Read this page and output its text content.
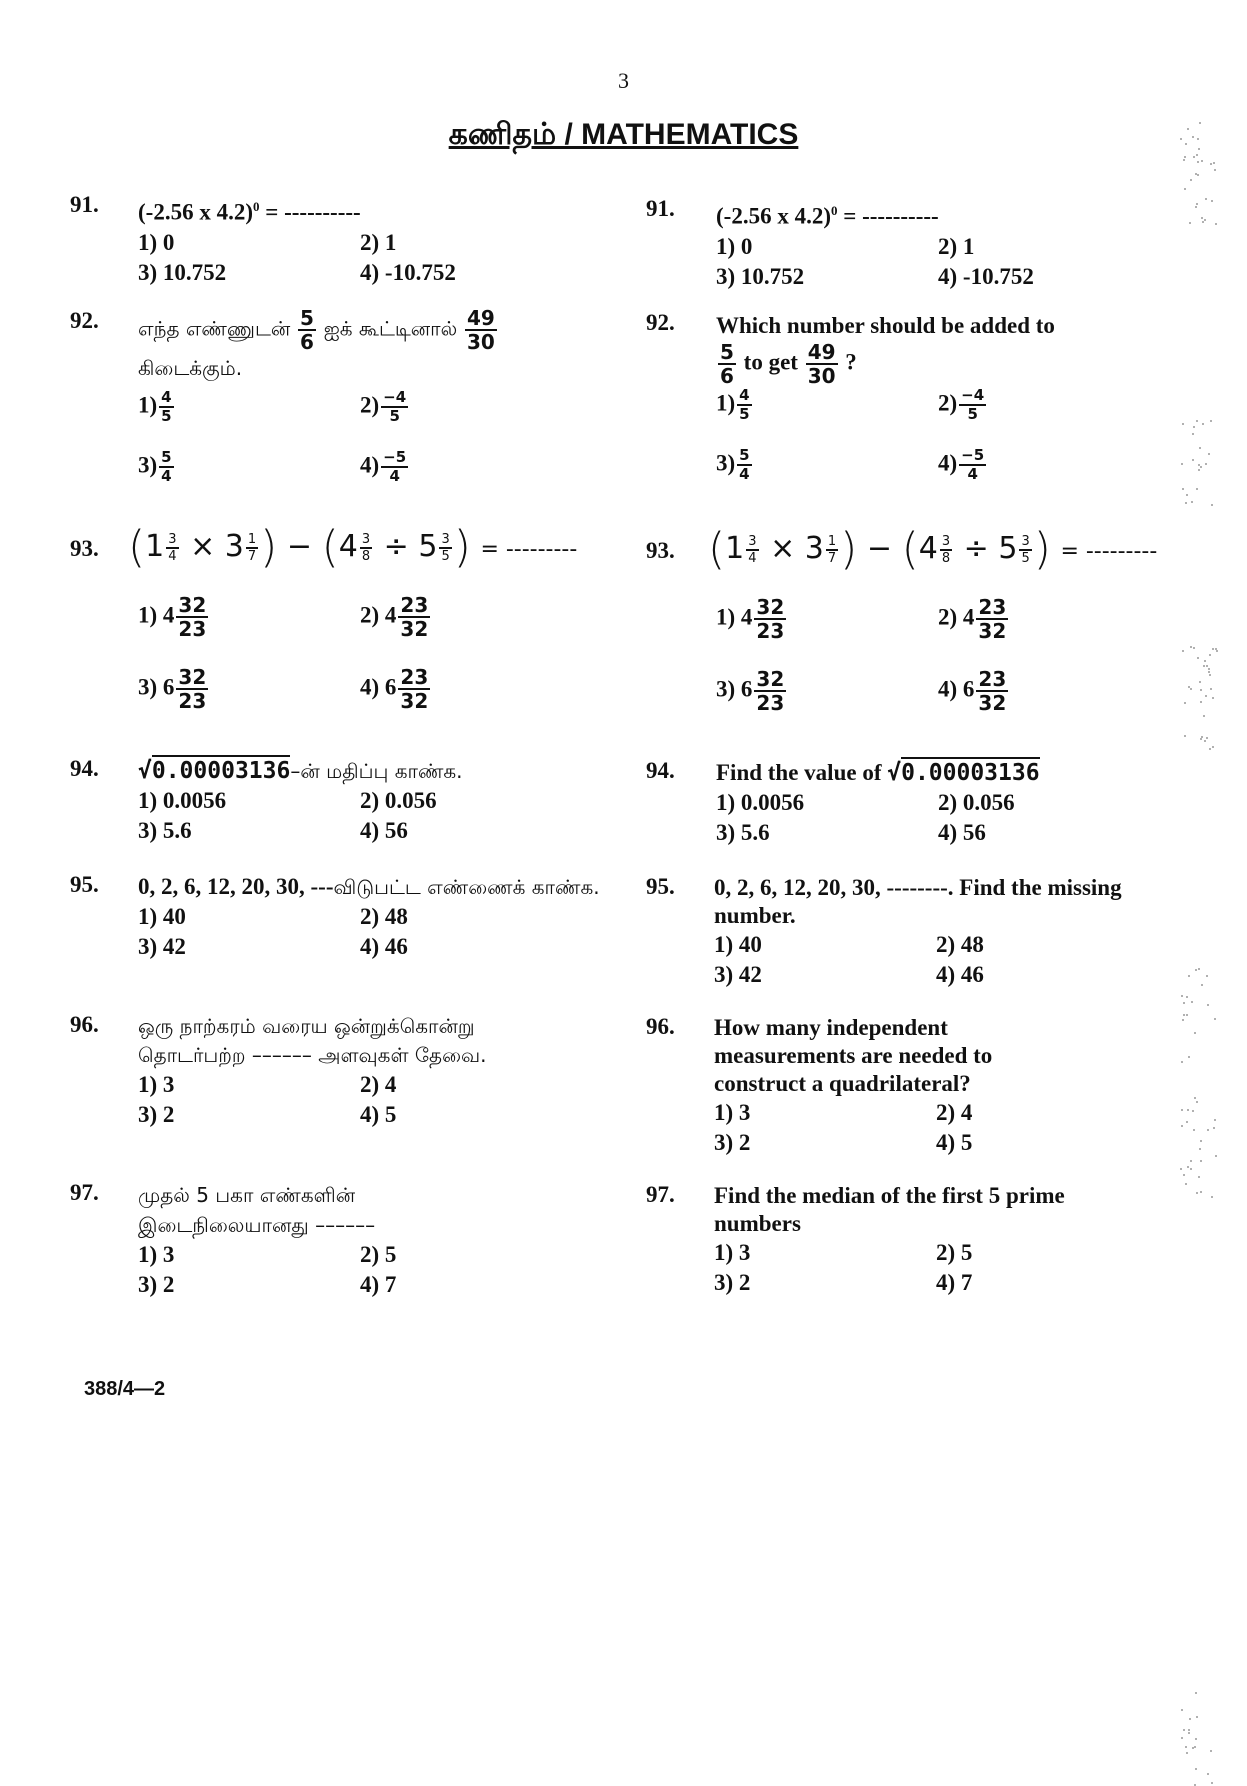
3
கணிதம் / MATHEMATICS
91.	(-2.56 x 4.2)$^0$ = ----------
1) 0	2) 1
3) 10.752	4) -10.752
92.	எந்த எண்ணுடன் $\frac{5}{6}$ ஐக் கூட்டினால் $\frac{49}{30}$

கிடைக்கும்.
$1) \frac{4}{5}$	$2) \frac{-4}{5}$
$3) \frac{5}{4}$	$4) \frac{-5}{4}$
93. ($1 \frac{3}{4} \times 3 \frac{1}{7}$ ) − ($4 \frac{3}{8} \div 5 \frac{3}{5}$ ) = ---------
1) $4 \frac{32}{23}$	2) $4 \frac{23}{32}$
3) $6 \frac{32}{23}$	4) $6 \frac{23}{32}$
94.	√0.00003136–ன் மதிப்பு காண்க.
1) 0.0056	2) 0.056
3) 5.6	4) 56
95.	0, 2, 6, 12, 20, 30, ---விடுபட்ட எண்ணைக் காண்க.
1) 40	2) 48
3) 42	4) 46
96.	ஒரு நாற்கரம் வரைய ஒன்றுக்கொன்று தொடர்பற்ற –––––– அளவுகள் தேவை.
1) 3	2) 4
3) 2	4) 5
97.	முதல் 5 பகா எண்களின் இடைநிலையானது ––––––
1) 3	2) 5
3) 2	4) 7
91.	(-2.56 x 4.2)$^0$ = ----------
1) 0	2) 1
3) 10.752	4) -10.752
92.	Which number should be added to

$\frac{5}{6}$ to get $\frac{49}{30}$ ?
$1) \frac{4}{5}$	$2) \frac{-4}{5}$
$3) \frac{5}{4}$	$4) \frac{-5}{4}$
93. ($1 \frac{3}{4} \times 3 \frac{1}{7}$ ) − ($4 \frac{3}{8} \div 5 \frac{3}{5}$ ) = ---------
1) $4 \frac{32}{23}$	2) $4 \frac{23}{32}$
3) $6 \frac{32}{23}$	4) $6 \frac{23}{32}$
94.	Find the value of √0.00003136
1) 0.0056	2) 0.056
3) 5.6	4) 56
95.	0, 2, 6, 12, 20, 30, --------. Find the missing number.
1) 40	2) 48
3) 42	4) 46
96.	How many independent measurements are needed to construct a quadrilateral?
1) 3	2) 4
3) 2	4) 5
97.	Find the median of the first 5 prime numbers
1) 3	2) 5
3) 2	4) 7
388/4—2
